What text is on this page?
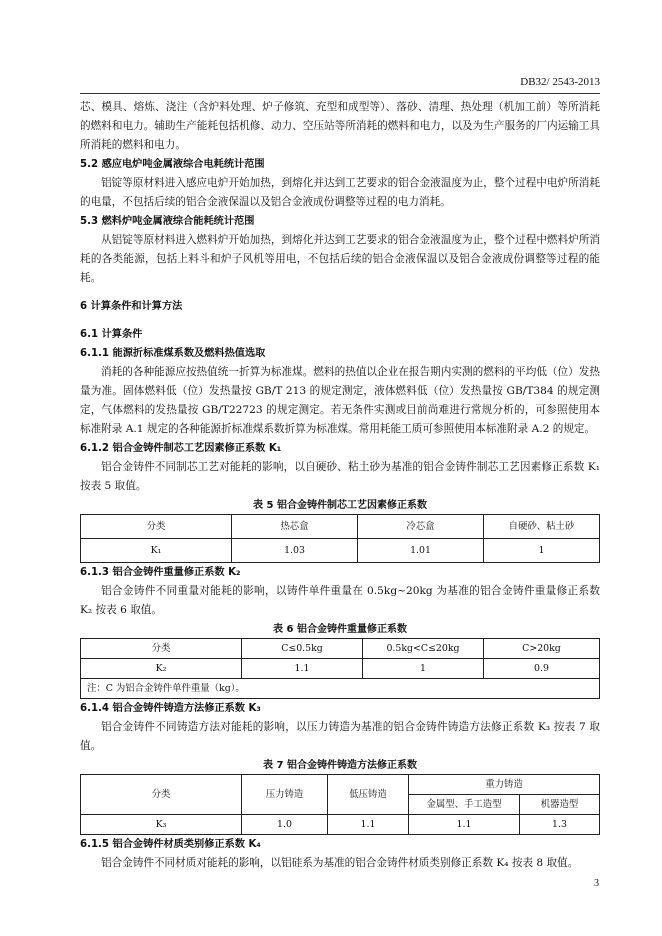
DB32/ 2543-2013

芯、模具、熔炼、浇注（含炉料处理、炉子修筑、充型和成型等）、落砂、清理、热处理（机加工前）等所消耗的燃料和电力。辅助生产能耗包括机修、动力、空压站等所消耗的燃料和电力，以及为生产服务的厂内运输工具所消耗的燃料和电力。

5.2 感应电炉吨金属液综合电耗统计范围

铝锭等原材料进入感应电炉开始加热，到熔化并达到工艺要求的铝合金液温度为止，整个过程中电炉所消耗的电量，不包括后续的铝合金液保温以及铝合金液成份调整等过程的电力消耗。

5.3 燃料炉吨金属液综合能耗统计范围

从铝锭等原材料进入燃料炉开始加热，到熔化并达到工艺要求的铝合金液温度为止，整个过程中燃料炉所消耗的各类能源，包括上料斗和炉子风机等用电，不包括后续的铝合金液保温以及铝合金液成份调整等过程的能耗。

6 计算条件和计算方法
6.1 计算条件
6.1.1 能源折标准煤系数及燃料热值选取

消耗的各种能源应按热值统一折算为标准煤。燃料的热值以企业在报告期内实测的燃料的平均低（位）发热量为准。固体燃料低（位）发热量按 GB/T 213 的规定测定，液体燃料低（位）发热量按 GB/T384 的规定测定，气体燃料的发热量按 GB/T22723 的规定测定。若无条件实测或目前尚难进行常规分析的，可参照使用本标准附录 A.1 规定的各种能源折标准煤系数折算为标准煤。常用耗能工质可参照使用本标准附录 A.2 的规定。

6.1.2 铝合金铸件制芯工艺因素修正系数 K₁

铝合金铸件不同制芯工艺对能耗的影响，以自硬砂、粘土砂为基准的铝合金铸件制芯工艺因素修正系数 K₁ 按表 5 取值。

表 5 铝合金铸件制芯工艺因素修正系数
分类	热芯盒	冷芯盒	自硬砂、粘土砂
K₁	1.03	1.01	1
6.1.3 铝合金铸件重量修正系数 K₂

铝合金铸件不同重量对能耗的影响，以铸件单件重量在 0.5kg~20kg 为基准的铝合金铸件重量修正系数 K₂ 按表 6 取值。

表 6 铝合金铸件重量修正系数
分类	C≤0.5kg	0.5kg<C≤20kg	C>20kg
K₂	1.1	1	0.9
注：C 为铝合金铸件单件重量（kg）。			
6.1.4 铝合金铸件铸造方法修正系数 K₃

铝合金铸件不同铸造方法对能耗的影响，以压力铸造为基准的铝合金铸件铸造方法修正系数 K₃ 按表 7 取值。

表 7 铝合金铸件铸造方法修正系数
分类	压力铸造	低压铸造	重力铸造	
			金属型、手工造型	机器造型
K₃	1.0	1.1	1.1	1.3
6.1.5 铝合金铸件材质类别修正系数 K₄

铝合金铸件不同材质对能耗的影响，以铝硅系为基准的铝合金铸件材质类别修正系数 K₄ 按表 8 取值。

3
